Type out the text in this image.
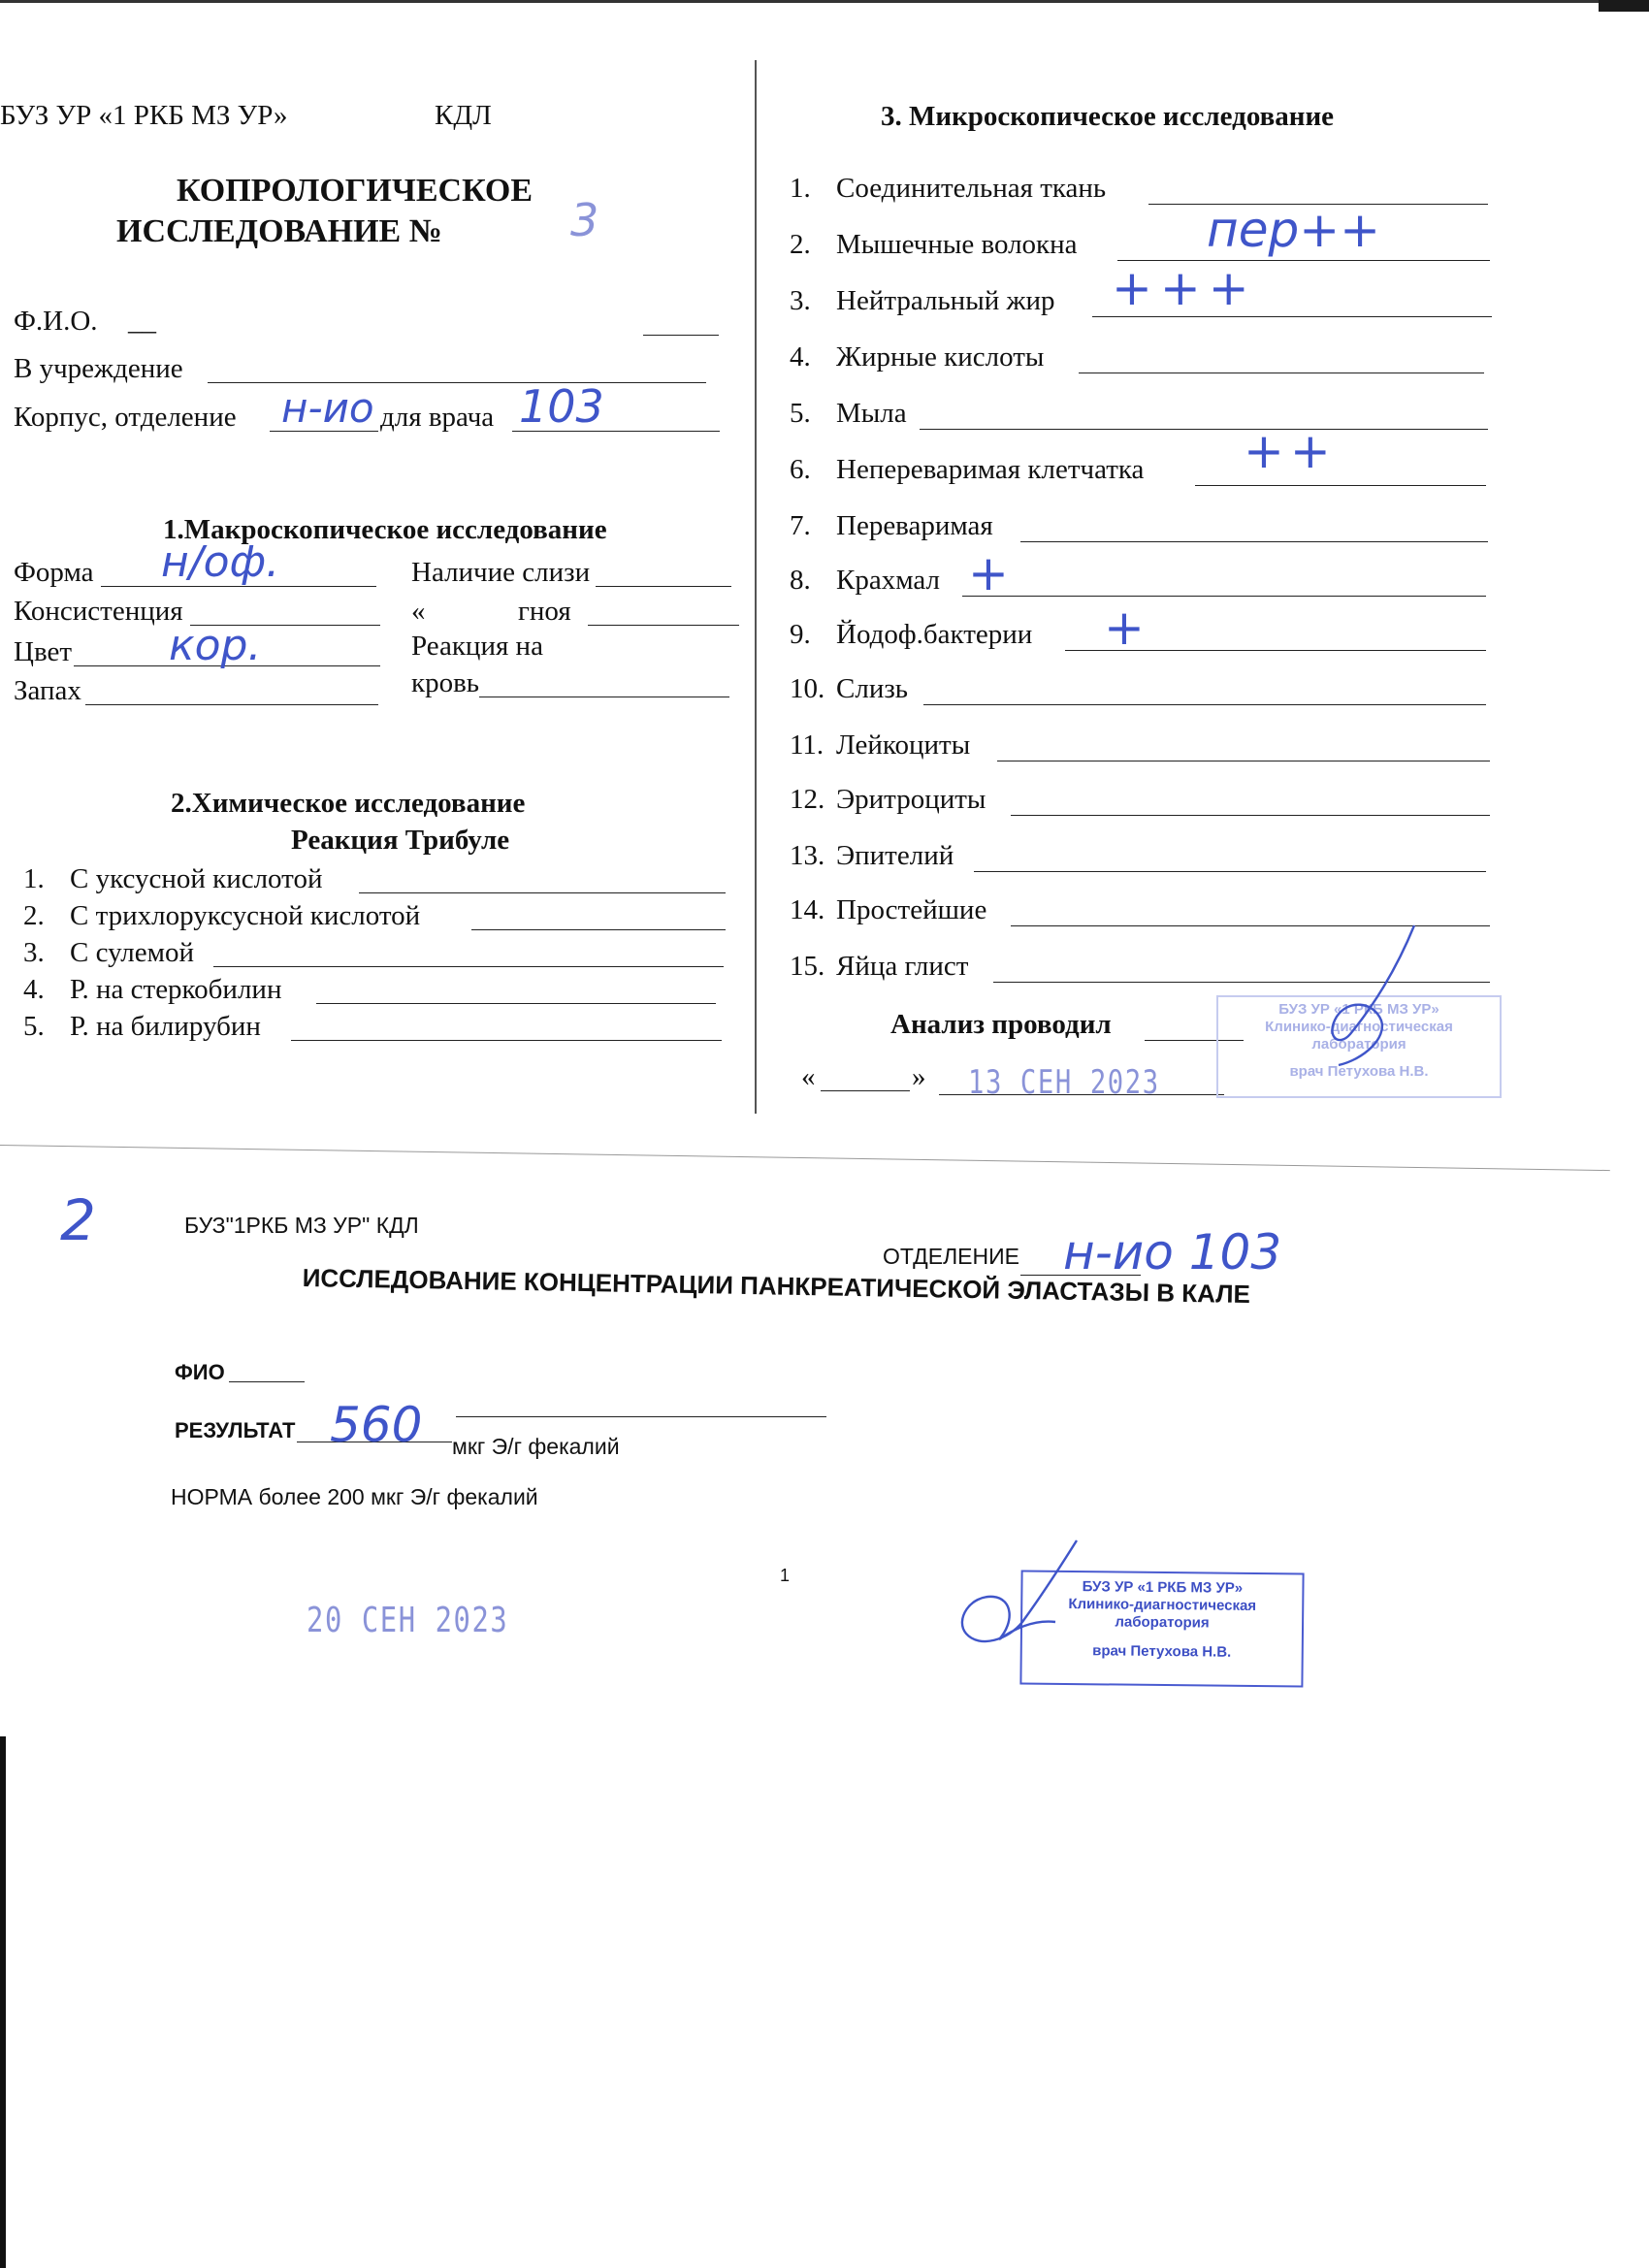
БУЗ УР «1 РКБ МЗ УР»	КДЛ
КОПРОЛОГИЧЕСКОЕ
ИССЛЕДОВАНИЕ №	3
Ф.И.О. __
В учреждение
Корпус, отделение н-ио для врача 103
1.Макроскопическое исследование
Форма н/оф.
Консистенция
Цвет кор.
Запах
Наличие слизи
«	гноя
Реакция на
кровь
2.Химическое исследование
Реакция Трибуле
1. С уксусной кислотой
2. С трихлоруксусной кислотой
3. С сулемой
4. Р. на стеркобилин
5. Р. на билирубин
3. Микроскопическое исследование
1. Соединительная ткань
2. Мышечные волокна	пер++
3. Нейтральный жир +++
4. Жирные кислоты
5. Мыла
6. Непереваримая клетчатка ++
7. Переваримая
8. Крахмал +
9. Йодоф.бактерии +
10. Слизь
11. Лейкоциты
12. Эритроциты
13. Эпителий
14. Простейшие
15. Яйца глист
Анализ проводил
«	» 13 СЕН 2023
БУЗ УР «1 РКБ МЗ УР»
Клинико-диагностическая
лаборатория
врач Петухова Н.В.
2	БУЗ"1РКБ МЗ УР" КДЛ
ОТДЕЛЕНИЕ н-ио 103
ИССЛЕДОВАНИЕ КОНЦЕНТРАЦИИ ПАНКРЕАТИЧЕСКОЙ ЭЛАСТАЗЫ В КАЛЕ
ФИО
РЕЗУЛЬТАТ 560 мкг Э/г фекалий
НОРМА более 200 мкг Э/г фекалий
1
20 СЕН 2023
БУЗ УР «1 РКБ МЗ УР»
Клинико-диагностическая
лаборатория
врач Петухова Н.В.
